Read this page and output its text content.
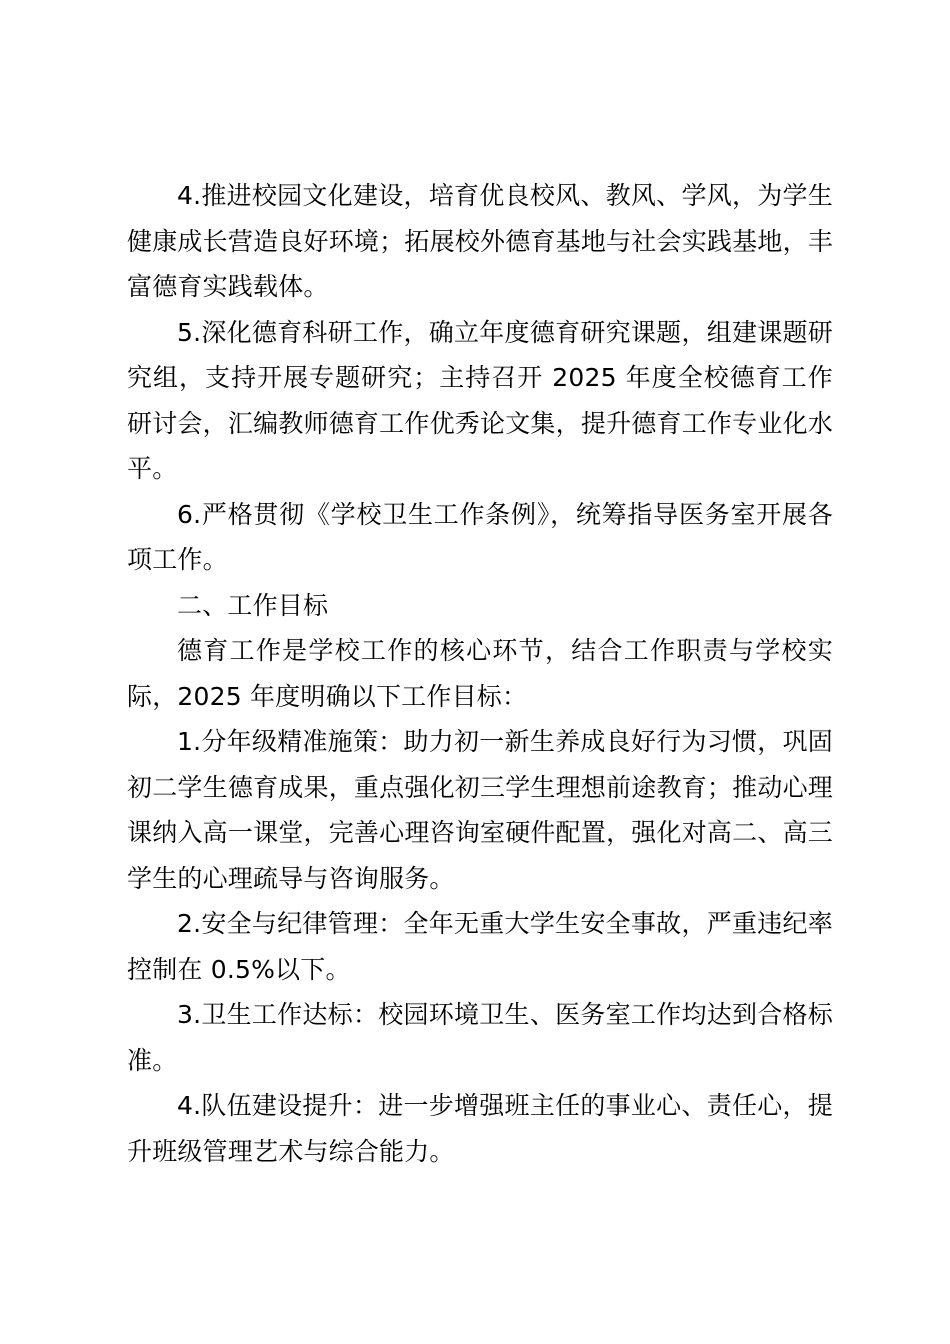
4.推进校园文化建设，培育优良校风、教风、学风，为学生健康成长营造良好环境；拓展校外德育基地与社会实践基地，丰富德育实践载体。

5.深化德育科研工作，确立年度德育研究课题，组建课题研究组，支持开展专题研究；主持召开 2025 年度全校德育工作研讨会，汇编教师德育工作优秀论文集，提升德育工作专业化水平。

6.严格贯彻《学校卫生工作条例》，统筹指导医务室开展各项工作。

二、工作目标

德育工作是学校工作的核心环节，结合工作职责与学校实际，2025 年度明确以下工作目标：

1.分年级精准施策：助力初一新生养成良好行为习惯，巩固初二学生德育成果，重点强化初三学生理想前途教育；推动心理课纳入高一课堂，完善心理咨询室硬件配置，强化对高二、高三学生的心理疏导与咨询服务。

2.安全与纪律管理：全年无重大学生安全事故，严重违纪率控制在 0.5%以下。

3.卫生工作达标：校园环境卫生、医务室工作均达到合格标准。

4.队伍建设提升：进一步增强班主任的事业心、责任心，提升班级管理艺术与综合能力。
